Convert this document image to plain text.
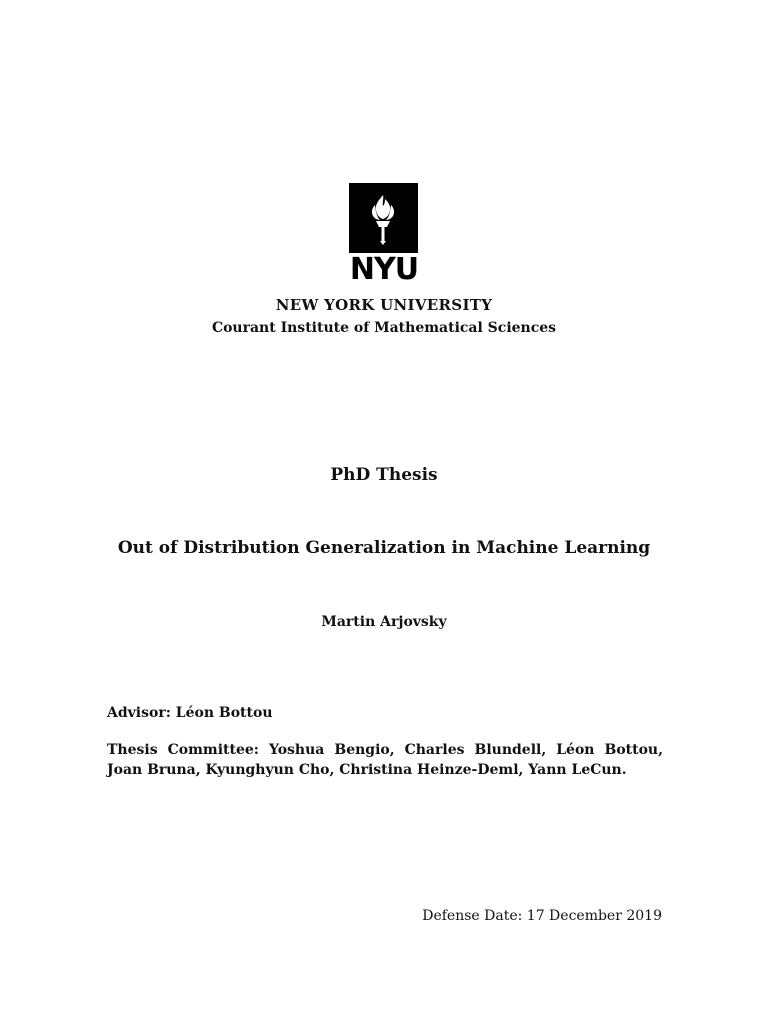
NYU
NEW YORK UNIVERSITY
Courant Institute of Mathematical Sciences
PhD Thesis
Out of Distribution Generalization in Machine Learning
Martin Arjovsky
Advisor: Léon Bottou
Thesis Committee: Yoshua Bengio, Charles Blundell, Léon Bottou, Joan Bruna, Kyunghyun Cho, Christina Heinze-Deml, Yann LeCun.
Defense Date: 17 December 2019
